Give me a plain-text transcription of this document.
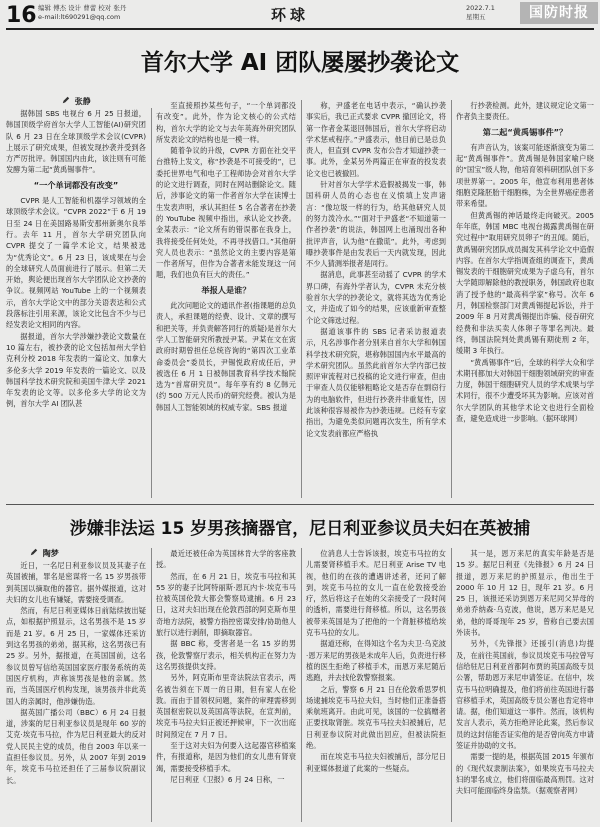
16 编辑 傅杰 设计 曹蕾 校对 张丹
e-mail:lt690291@qq.com	环球	2022.7.1
星期五	国防时报
首尔大学 AI 团队屡屡抄袭论文
张静

据韩国 SBS 电视台 6 月 25 日报道，韩国顶级学府首尔大学人工智能(AI)研究团队 6 月 23 日在全球顶级学术会议(CVPR)上展示了研究成果，但被发现抄袭并受到各方严厉批评。韩国国内由此，该注则有可能发酵为第二起“黄禹锡事件”。

“一个单词都没有改变”

CVPR 是人工智能和机器学习领域的全球顶级学术会议。“CVPR 2022”于 6 月 19 日至 24 日在美国路易斯安那州新奥尔良举行。去年 11 月，首尔大学研究团队向 CVPR 提交了一篇学术论文，结果被选为“优秀论文”。6 月 23 日，该成果在与会的全球研究人员面前进行了展示。但第二天开始，舆论便出现首尔大学团队论文抄袭的争议。视频网站 YouTube 上的一个视频表示，首尔大学论文中的部分关语表达和公式段落标注引用来源，该论文比包含不少与已经发表论文相同的内容。

据报道，首尔大学涉嫌抄袭论文数量在 10 篇左右，被抄袭的论文包括加州大学伯克利分校 2018 年发表的一篇论文、加拿大多伦多大学 2019 年发表的一篇论文、以及韩国科学技术研究院和美国牛津大学 2021 年发表的论文等。以多伦多大学的论文为例，首尔大学 AI 团队甚

至直接照抄某些句子，“一个单词都没有改变”。此外，作为论文核心的公式结构，首尔大学的论文与去年英海外研究团队所发表论文的结构也是一模一样。

随着争议的升级，CVPR 方面在社交平台推特上发文，称“抄袭是不可接受的”，已委托世界电气和电子工程师协会对首尔大学的论文进行调查，同时在网站删除论文。随后，涉事论文的第一作者首尔大学在读博士生发表声明，承认其担任 5 名合著者在抄袭的 YouTube 视频中指出，承认论文抄袭。金某表示：“论文所有的错误都在我身上，我将接受任何处处，不再寻找借口。”其他研究人员也表示：“虽然论文的主要内容是第一作者所写，但作为合著者未能发现这一问题，我们也负有巨大的责任。”

举报人是谁？

此次问题论文的通讯作者(指课题的总负责人，承担课题的经费、设计、文章的撰写和把关等，并负责解答同行的质疑)是首尔大学人工智能研究所教授尹某。尹某在文在寅政府时期曾担任总统咨询的“第四次工业革命委员会”委员长，尹锡悦政府成任后，尹被选任 6 月 1 日被韩国教育科学技术翰院选为“首席研究员”。每年享有约 8 亿韩元(约 500 万元人民币)的研究经费。被认为是韩国人工智能领域的权威专家。SBS 报道

称，尹盛老在电话中表示，“确认抄袭事实后，我已正式要求 CVPR 撤回论文，将第一作者金某退回韩国后，首尔大学将启动学术惩戒程序。”尹盛表示，他目前已是总负责人，但直到 CVPR 发布公告才知道抄袭一事。此外，金某另外两篇正在审查的投发表论文也已被撤回。

针对首尔大学学术造假被揭发一事，韩国科研人员的心态也在义愤填上发声诸言：“像垃圾一样的行为，给其他研究人员的努力泼冷水。”“面对于尹盛老“不知道第一作者抄袭”的说法，韩国网上也涌现出各种批评声音，认为他“在撒谎”。此外，考虑到曝抄袭事件是由发表后一天内就发现，因此不少人猜测举报者是同行。

据消息，此事甚至动摇了 CVPR 的学术界口碑，有海外学者认为，CVPR 未充分核验首尔大学的抄袭论文，就将其选为优秀论文，并造成了如今的结果，应该重新审查整个论文筛选过程。

据道该事件的 SBS 记者采访报道表示，凡名涉事作者分别来自首尔大学和韩国科学技术研究院，堪称韩国国内水平最高的学术研究团队。虽然此前首尔大学内部已按照评审流程对已投稿的论文进行审查，但由于审查人员仅能够粗略论文是否存在剽窃行为的电脑软件，但进行抄袭并非重复性，因此该种很容易被作为抄袭违规。已经有专家指出，为避免类似问题再次发生，所有学术论文发表前都应严格执

行抄袭检测。此外，建议规定论文第一作者负主要责任。

第二起“黄禹锡事件”？

有声音认为，该案可能逐渐演变为第二起“黄禹锡事件”。黄禹锡是韩国家喻户晓的“国宝”级人物，他培育领科研团队创下多项世界第一。2005 年，他宣布利用患者体细胞克隆胚胎干细胞株，为全世界癌症患者带来希望。

但黄禹锡的神话最终走向破灭。2005 年年底，韩国 MBC 电视台揭露黄禹锡在研究过程中“取用研究员卵子”的丑闻。随后，黄禹锡研究团队成员揭发其科学论文中造假内容。在首尔大学指调查组的调查下，黄禹锡发表的干细胞研究成果为子虚乌有，首尔大学随即解除他的教授职务，韩国政府也取消了授予他的“最高科学家”称号。次年 6 月，韩国检察部门对黄禹锡提起诉讼，并于 2009 年 8 月对黄禹锡提出诈骗、侵吞研究经费和非法买卖人体卵子等罪名判决。最终，韩国法院判处黄禹锡有期徒刑 2 年，缓期 3 年执行。

“黄禹锡事件”后，全球的科学大众和学术期刊都加大对韩国干细胞领域研究的审查力度，韩国干细胞研究人员的学术成果与学术同行，很不少遭受坏其为影响。应该对首尔大学团队的其他学术论文也进行全面检查，避免造成进一步影响。（据环球网）

涉嫌非法运 15 岁男孩摘器官，尼日利亚参议员夫妇在英被捕
陶梦

近日，一名尼日利亚参议员及其妻子在英国被捕，罪名是密谋将一名 15 岁男孩带到英国以摘取他的器官。据外媒报道，这对夫妇的女儿也有嫌疑，需要接受调查。

然而，有尼日利亚媒体日前陆续披出疑点，如根据护照显示，这名男孩不是 15 岁而是 21 岁。6 月 25 日，一家媒体还采访到这名男孩的弟弟，据其称，这名男孩已有 25 岁。另外，据报道，在英国国前，这名参议员曾写信给英国国家医疗服务系统的英国医疗机构，声称该男孩是他的亲属。然而，当英国医疗机构发现，该男孩并非此英国人的亲属时，他涉嫌伪造。

据英国广播公司（BBC）6 月 24 日报道，涉案的尼日利亚参议员是现年 60 岁的艾克·埃克韦马拉，作为尼日利亚最大的反对党人民民主党的成员，他自 2003 年以来一直担任参议员。另外，从 2007 年到 2019 年，埃克韦马拉还担任了三届参议院副议长。

最近还被任命为英国林肯大学的客座教授。

然而，在 6 月 21 日，埃克韦马拉和其 55 岁的妻子比阿特丽斯·恩瓦内卡·埃克韦马拉被英国伦敦大都会警察局逮捕。6 月 23 日，这对夫妇出现在伦敦西部的阿克斯布里奇地方法院，被警方指控密谋安排/协助他人旅行以进行剥削，即摘取器官。

据 BBC 称，受害者是一名 15 岁的男孩，伦敦警察厅表示，相关机构正在努力为这名男孩提供支持。

另外，阿克斯布里奇法院法官表示，两名被告须在下周一的日期，但有家人在伦敦。而由于冒领权问题，案件的审理需移到英国枢密院以及英国高等法院，在宣判前，埃克韦马拉夫妇正被还押候审，下一次出庭时间预定在 7 月 7 日。

至于这对夫妇为何要入这起器官移植案件，有报道称，是因为他们的女儿患有肾衰竭，需要接受移植手术。

尼日利亚《卫报》6 月 24 日称，一

位消息人士告诉该报，埃克韦马拉的女儿需要肾移植手术。尼日利亚 Arise TV 电视，他们的在孩的遭遇讲述者，还问了解到，埃克韦马拉的女儿一直在伦敦接受治疗，然后将这子在她的父亲接受了一段时间的透析，需要进行肾移植。所以，这名男孩被带来英国是为了把他的一个肾脏移植给埃克韦马拉的女儿。

据道还称，在得知这个名为夫卫·乌克波·恩万来尼的男孩是未成年人后，负责进行移植的医生拒绝了移植手术，而恩万来尼随后逃跑，并去找伦敦警察报案。

之后，警察 6 月 21 日在伦敦希思罗机场逮捕埃克韦马拉夫妇，当时他们正准备搭乘航班离开。由此可见，该国的一位搞赠者正要找取肾脏。埃克韦马拉夫妇被捕后，尼日利亚参议院对此做出回应，但被法院拒绝。

而在埃克韦马拉夫妇被捕后，部分尼日利亚媒体报道了此案的一些疑点。

其一是，恩万来尼的真实年龄是否是 15 岁。据尼日利亚《先锋报》6 月 24 日报道，恩万来尼的护照显示，他出生于 2000 年 10 月 12 日，现年 21 岁。6 月 25 日，该报还采访到恩万来尼同父异母的弟弟乔纳森·乌克波，他说，恩万来尼是兄弟，他的哥哥现年 25 岁，曾称自己要去国外读书。

另外，《先锋报》还援引(消息)均提及，在前往英国前，参议员埃克韦马拉曾写信给驻尼日利亚首都阿布贾的英国高级专员公署，帮助恩万来尼申请签证。在信中，埃克韦马拉明确提及，他们将前往英国进行器官移植手术，英国高级专员公署也肯定将申请。据，他们知道这一事件。然而，该机构发言人表示，英方拒绝评论此案，然后参议员的这封信能否证实他的是否曾向英方申请签证并协助的文书。

需要一提的是，根据英国 2015 年颁布的《现代奴隶制法案》，如果埃克韦马拉夫妇的罪名成立，他们将面临最高刑罚。这对夫妇可能面临终身监禁。（据观察者网）
